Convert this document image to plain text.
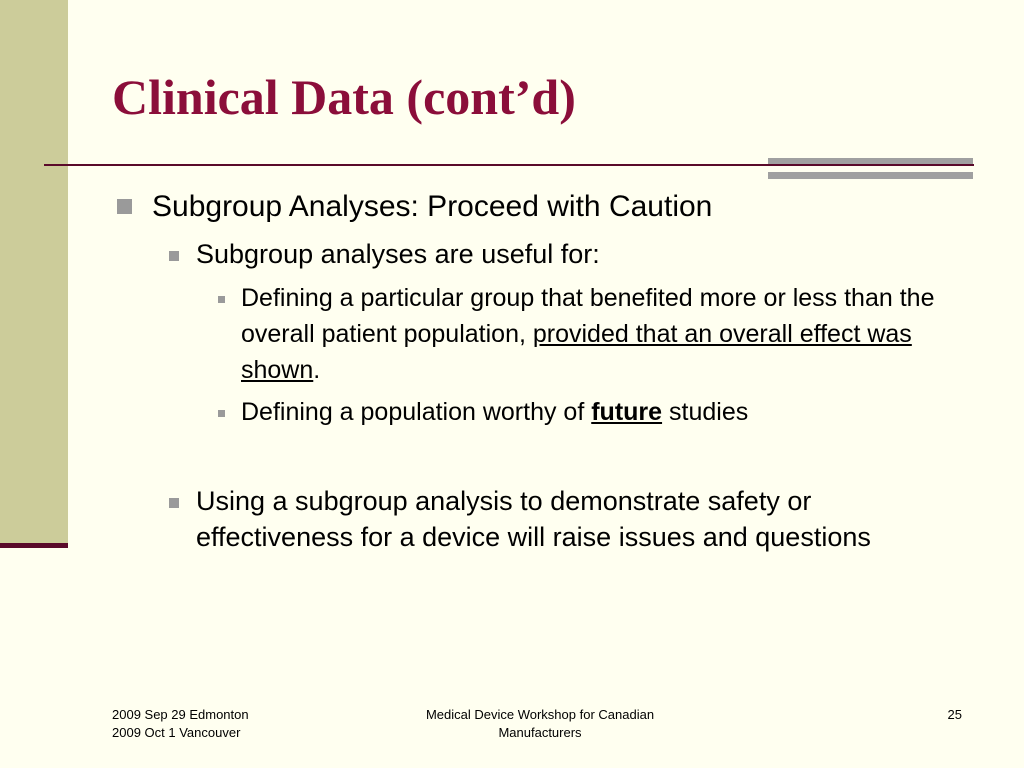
Clinical Data (cont’d)
Subgroup Analyses: Proceed with Caution
Subgroup analyses are useful for:
Defining a particular group that benefited more or less than the overall patient population, provided that an overall effect was shown.
Defining a population worthy of future studies
Using a subgroup analysis to demonstrate safety or effectiveness for a device will raise issues and questions
2009 Sep 29 Edmonton
2009 Oct 1 Vancouver
Medical Device Workshop for Canadian
Manufacturers
25
